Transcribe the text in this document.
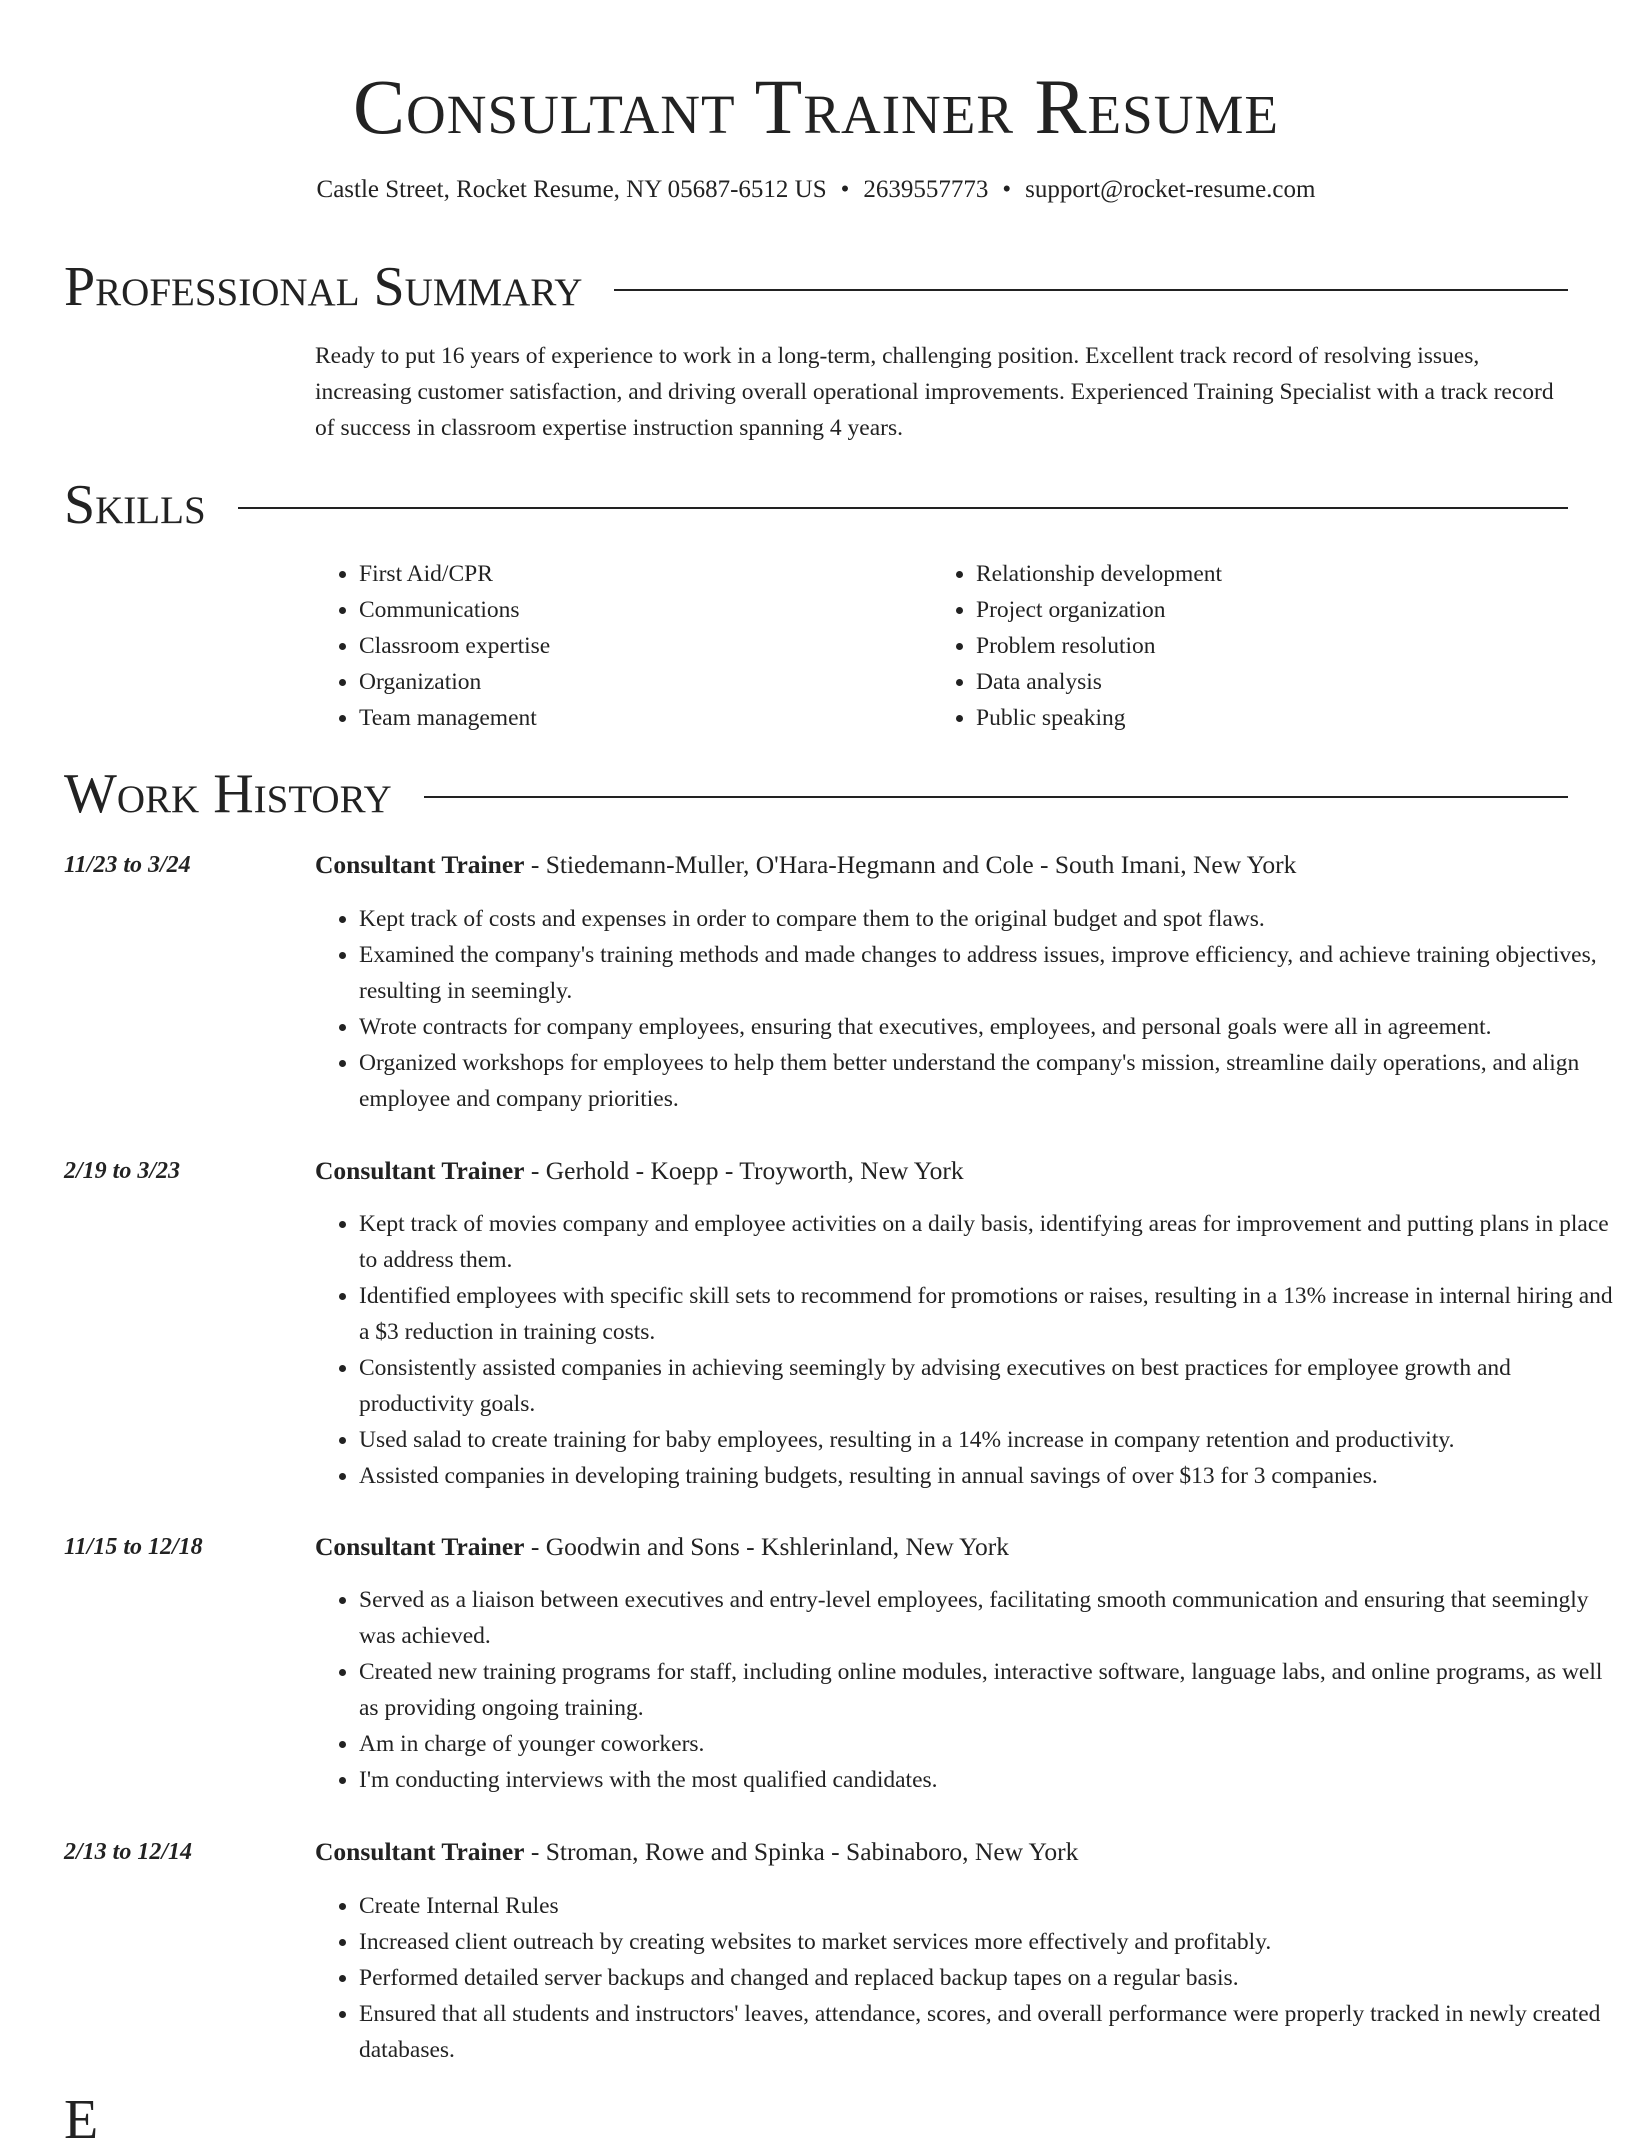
Consultant Trainer Resume
Castle Street, Rocket Resume, NY 05687-6512 US • 2639557773 • support@rocket-resume.com
Professional Summary

Ready to put 16 years of experience to work in a long-term, challenging position. Excellent track record of resolving issues, increasing customer satisfaction, and driving overall operational improvements. Experienced Training Specialist with a track record of success in classroom expertise instruction spanning 4 years.

Skills
• First Aid/CPR
• Communications
• Classroom expertise
• Organization
• Team management
• Relationship development
• Project organization
• Problem resolution
• Data analysis
• Public speaking
Work History
11/23 to 3/24	Consultant Trainer - Stiedemann-Muller, O'Hara-Hegmann and Cole - South Imani, New York
• Kept track of costs and expenses in order to compare them to the original budget and spot flaws.
• Examined the company's training methods and made changes to address issues, improve efficiency, and achieve training objectives, resulting in seemingly.
• Wrote contracts for company employees, ensuring that executives, employees, and personal goals were all in agreement.
• Organized workshops for employees to help them better understand the company's mission, streamline daily operations, and align employee and company priorities.
2/19 to 3/23	Consultant Trainer - Gerhold - Koepp - Troyworth, New York
• Kept track of movies company and employee activities on a daily basis, identifying areas for improvement and putting plans in place to address them.
• Identified employees with specific skill sets to recommend for promotions or raises, resulting in a 13% increase in internal hiring and a $3 reduction in training costs.
• Consistently assisted companies in achieving seemingly by advising executives on best practices for employee growth and productivity goals.
• Used salad to create training for baby employees, resulting in a 14% increase in company retention and productivity.
• Assisted companies in developing training budgets, resulting in annual savings of over $13 for 3 companies.
11/15 to 12/18	Consultant Trainer - Goodwin and Sons - Kshlerinland, New York
• Served as a liaison between executives and entry-level employees, facilitating smooth communication and ensuring that seemingly was achieved.
• Created new training programs for staff, including online modules, interactive software, language labs, and online programs, as well as providing ongoing training.
• Am in charge of younger coworkers.
• I'm conducting interviews with the most qualified candidates.
2/13 to 12/14	Consultant Trainer - Stroman, Rowe and Spinka - Sabinaboro, New York
• Create Internal Rules
• Increased client outreach by creating websites to market services more effectively and profitably.
• Performed detailed server backups and changed and replaced backup tapes on a regular basis.
• Ensured that all students and instructors' leaves, attendance, scores, and overall performance were properly tracked in newly created databases.
E
